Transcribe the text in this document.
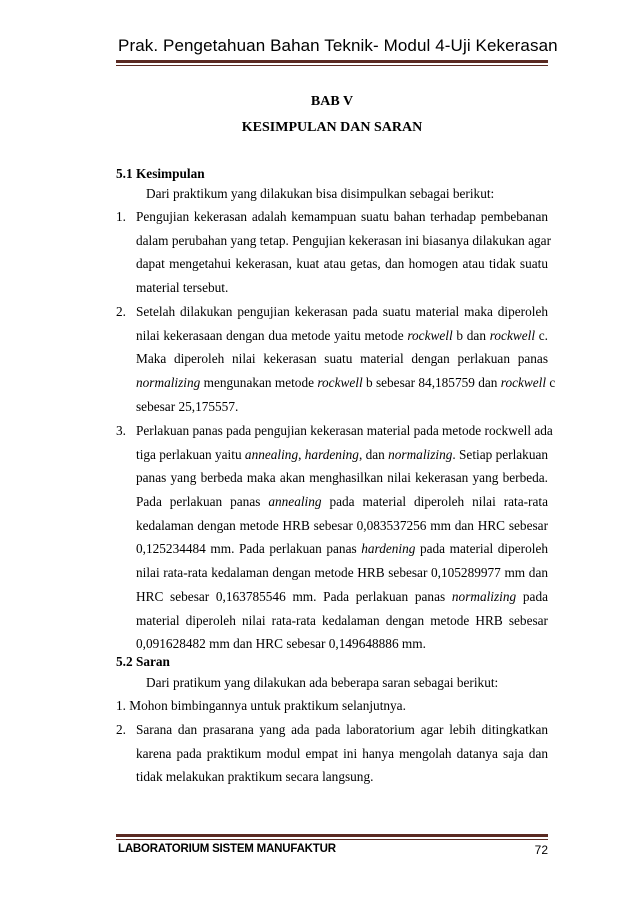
Prak. Pengetahuan Bahan Teknik- Modul 4-Uji Kekerasan
BAB V
KESIMPULAN DAN SARAN
5.1 Kesimpulan
Dari praktikum yang dilakukan bisa disimpulkan sebagai berikut:
1. Pengujian kekerasan adalah kemampuan suatu bahan terhadap pembebanan
dalam perubahan yang tetap. Pengujian kekerasan ini biasanya dilakukan agar
dapat mengetahui kekerasan, kuat atau getas, dan homogen atau tidak suatu
material tersebut.
2. Setelah dilakukan pengujian kekerasan pada suatu material maka diperoleh
nilai kekerasaan dengan dua metode yaitu metode rockwell b dan rockwell c.
Maka diperoleh nilai kekerasan suatu material dengan perlakuan panas
normalizing mengunakan metode rockwell b sebesar 84,185759 dan rockwell c
sebesar 25,175557.
3. Perlakuan panas pada pengujian kekerasan material pada metode rockwell ada
tiga perlakuan yaitu annealing, hardening, dan normalizing. Setiap perlakuan
panas yang berbeda maka akan menghasilkan nilai kekerasan yang berbeda.
Pada perlakuan panas annealing pada material diperoleh nilai rata-rata
kedalaman dengan metode HRB sebesar 0,083537256 mm dan HRC sebesar
0,125234484 mm. Pada perlakuan panas hardening pada material diperoleh
nilai rata-rata kedalaman dengan metode HRB sebesar 0,105289977 mm dan
HRC sebesar 0,163785546 mm. Pada perlakuan panas normalizing pada
material diperoleh nilai rata-rata kedalaman dengan metode HRB sebesar
0,091628482 mm dan HRC sebesar 0,149648886 mm.
5.2 Saran
Dari pratikum yang dilakukan ada beberapa saran sebagai berikut:
1. Mohon bimbingannya untuk praktikum selanjutnya.
2. Sarana dan prasarana yang ada pada laboratorium agar lebih ditingkatkan
karena pada praktikum modul empat ini hanya mengolah datanya saja dan
tidak melakukan praktikum secara langsung.
LABORATORIUM SISTEM MANUFAKTUR	72
